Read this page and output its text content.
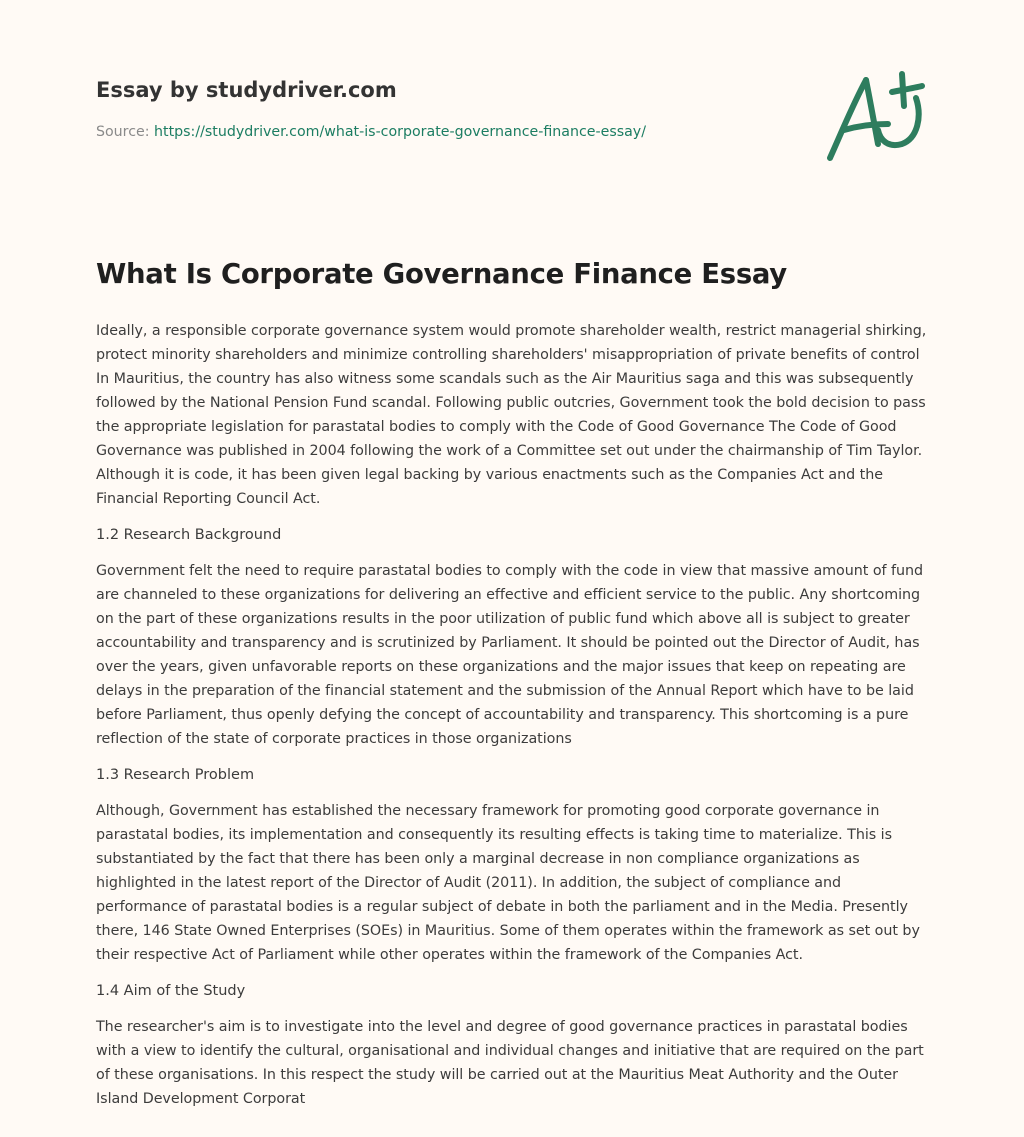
Essay by studydriver.com
Source: https://studydriver.com/what-is-corporate-governance-finance-essay/
What Is Corporate Governance Finance Essay

Ideally, a responsible corporate governance system would promote shareholder wealth, restrict managerial shirking, protect minority shareholders and minimize controlling shareholders' misappropriation of private benefits of control In Mauritius, the country has also witness some scandals such as the Air Mauritius saga and this was subsequently followed by the National Pension Fund scandal. Following public outcries, Government took the bold decision to pass the appropriate legislation for parastatal bodies to comply with the Code of Good Governance The Code of Good Governance was published in 2004 following the work of a Committee set out under the chairmanship of Tim Taylor. Although it is code, it has been given legal backing by various enactments such as the Companies Act and the Financial Reporting Council Act.

1.2 Research Background

Government felt the need to require parastatal bodies to comply with the code in view that massive amount of fund are channeled to these organizations for delivering an effective and efficient service to the public. Any shortcoming on the part of these organizations results in the poor utilization of public fund which above all is subject to greater accountability and transparency and is scrutinized by Parliament. It should be pointed out the Director of Audit, has over the years, given unfavorable reports on these organizations and the major issues that keep on repeating are delays in the preparation of the financial statement and the submission of the Annual Report which have to be laid before Parliament, thus openly defying the concept of accountability and transparency. This shortcoming is a pure reflection of the state of corporate practices in those organizations

1.3 Research Problem

Although, Government has established the necessary framework for promoting good corporate governance in parastatal bodies, its implementation and consequently its resulting effects is taking time to materialize. This is substantiated by the fact that there has been only a marginal decrease in non compliance organizations as highlighted in the latest report of the Director of Audit (2011). In addition, the subject of compliance and performance of parastatal bodies is a regular subject of debate in both the parliament and in the Media. Presently there, 146 State Owned Enterprises (SOEs) in Mauritius. Some of them operates within the framework as set out by their respective Act of Parliament while other operates within the framework of the Companies Act.

1.4 Aim of the Study

The researcher's aim is to investigate into the level and degree of good governance practices in parastatal bodies with a view to identify the cultural, organisational and individual changes and initiative that are required on the part of these organisations. In this respect the study will be carried out at the Mauritius Meat Authority and the Outer Island Development Corporat
